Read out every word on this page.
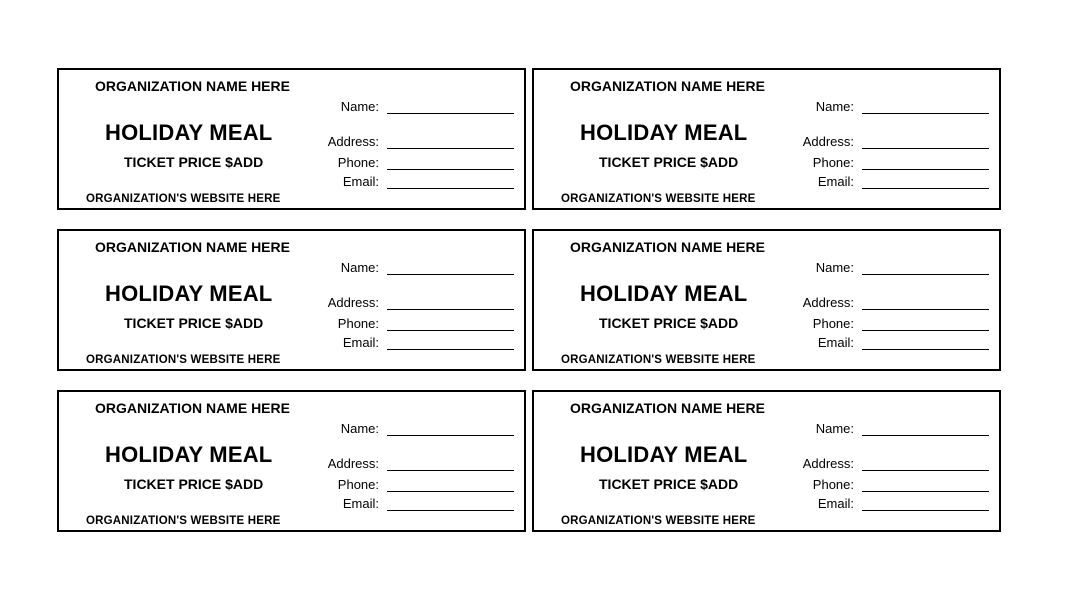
ORGANIZATION NAME HERE
HOLIDAY MEAL
TICKET PRICE $ADD
ORGANIZATION'S WEBSITE HERE
Name:
Address:
Phone:
Email:
ORGANIZATION NAME HERE
HOLIDAY MEAL
TICKET PRICE $ADD
ORGANIZATION'S WEBSITE HERE
Name:
Address:
Phone:
Email:
ORGANIZATION NAME HERE
HOLIDAY MEAL
TICKET PRICE $ADD
ORGANIZATION'S WEBSITE HERE
Name:
Address:
Phone:
Email:
ORGANIZATION NAME HERE
HOLIDAY MEAL
TICKET PRICE $ADD
ORGANIZATION'S WEBSITE HERE
Name:
Address:
Phone:
Email:
ORGANIZATION NAME HERE
HOLIDAY MEAL
TICKET PRICE $ADD
ORGANIZATION'S WEBSITE HERE
Name:
Address:
Phone:
Email:
ORGANIZATION NAME HERE
HOLIDAY MEAL
TICKET PRICE $ADD
ORGANIZATION'S WEBSITE HERE
Name:
Address:
Phone:
Email:
